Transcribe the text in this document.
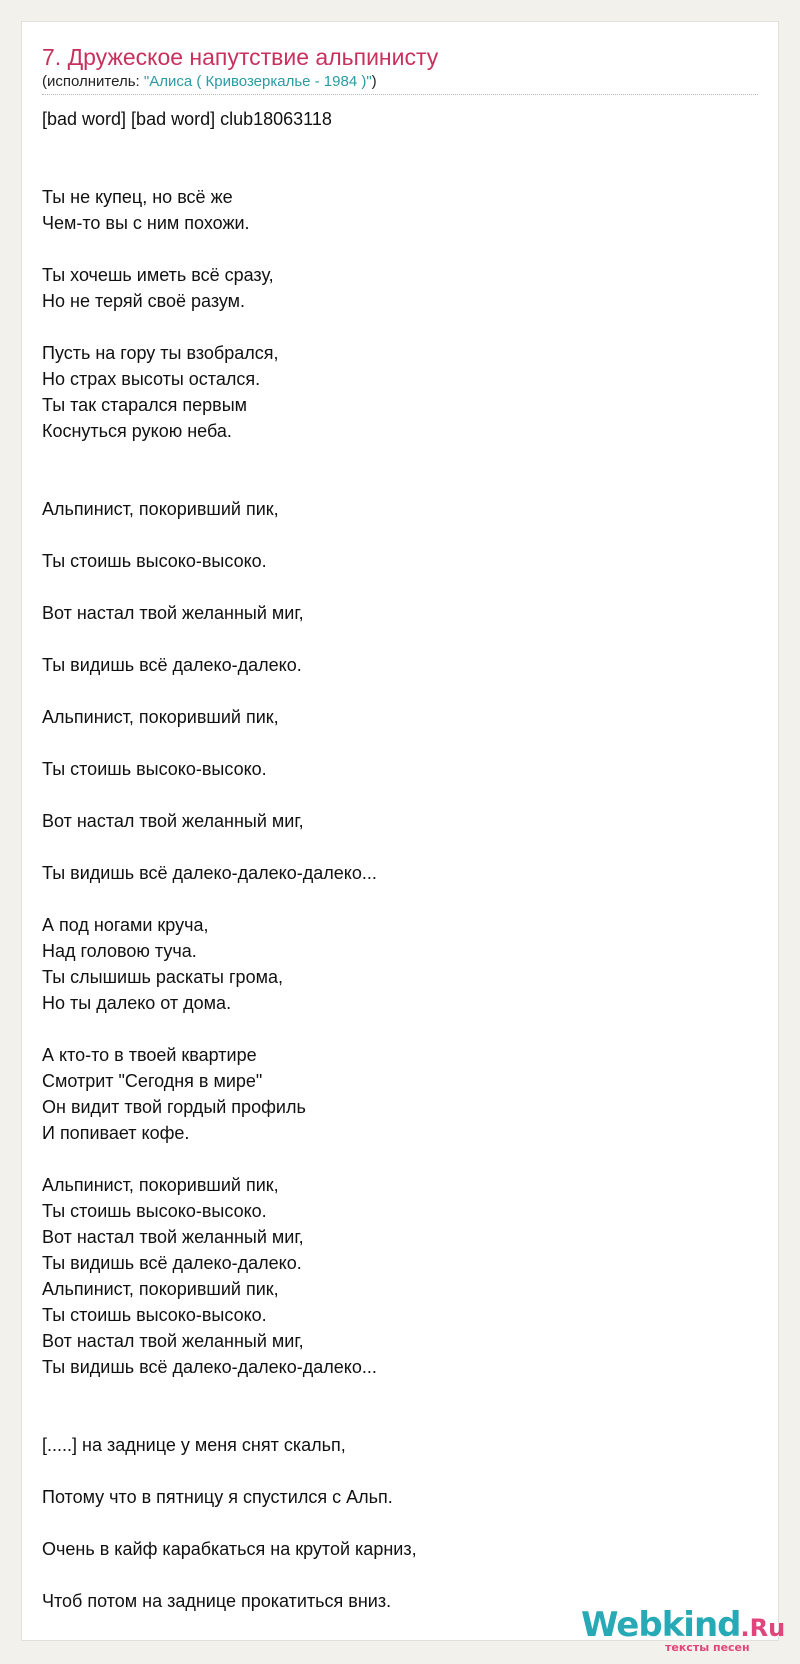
7. Дружеское напутствие альпинисту
(исполнитель: "Алиса ( Кривозеркалье - 1984 )")
[bad word] [bad word] club18063118

Ты не купец, но всё же
Чем-то вы с ним похожи.

Ты хочешь иметь всё сразу,
Но не теряй своё разум.

Пусть на гору ты взобрался,
Но страх высоты остался.
Ты так старался первым
Коснуться рукою неба.

Альпинист, покоривший пик,

Ты стоишь высоко-высоко.

Вот настал твой желанный миг,

Ты видишь всё далеко-далеко.

Альпинист, покоривший пик,

Ты стоишь высоко-высоко.

Вот настал твой желанный миг,

Ты видишь всё далеко-далеко-далеко...

А под ногами круча,
Над головою туча.
Ты слышишь раскаты грома,
Но ты далеко от дома.

А кто-то в твоей квартире
Смотрит "Сегодня в мире"
Он видит твой гордый профиль
И попивает кофе.

Альпинист, покоривший пик,
Ты стоишь высоко-высоко.
Вот настал твой желанный миг,
Ты видишь всё далеко-далеко.
Альпинист, покоривший пик,
Ты стоишь высоко-высоко.
Вот настал твой желанный миг,
Ты видишь всё далеко-далеко-далеко...

[.....] на заднице у меня снят скальп,

Потому что в пятницу я спустился с Альп.

Очень в кайф карабкаться на крутой карниз,

Чтоб потом на заднице прокатиться вниз.
Webkind.Ru
тексты песен
